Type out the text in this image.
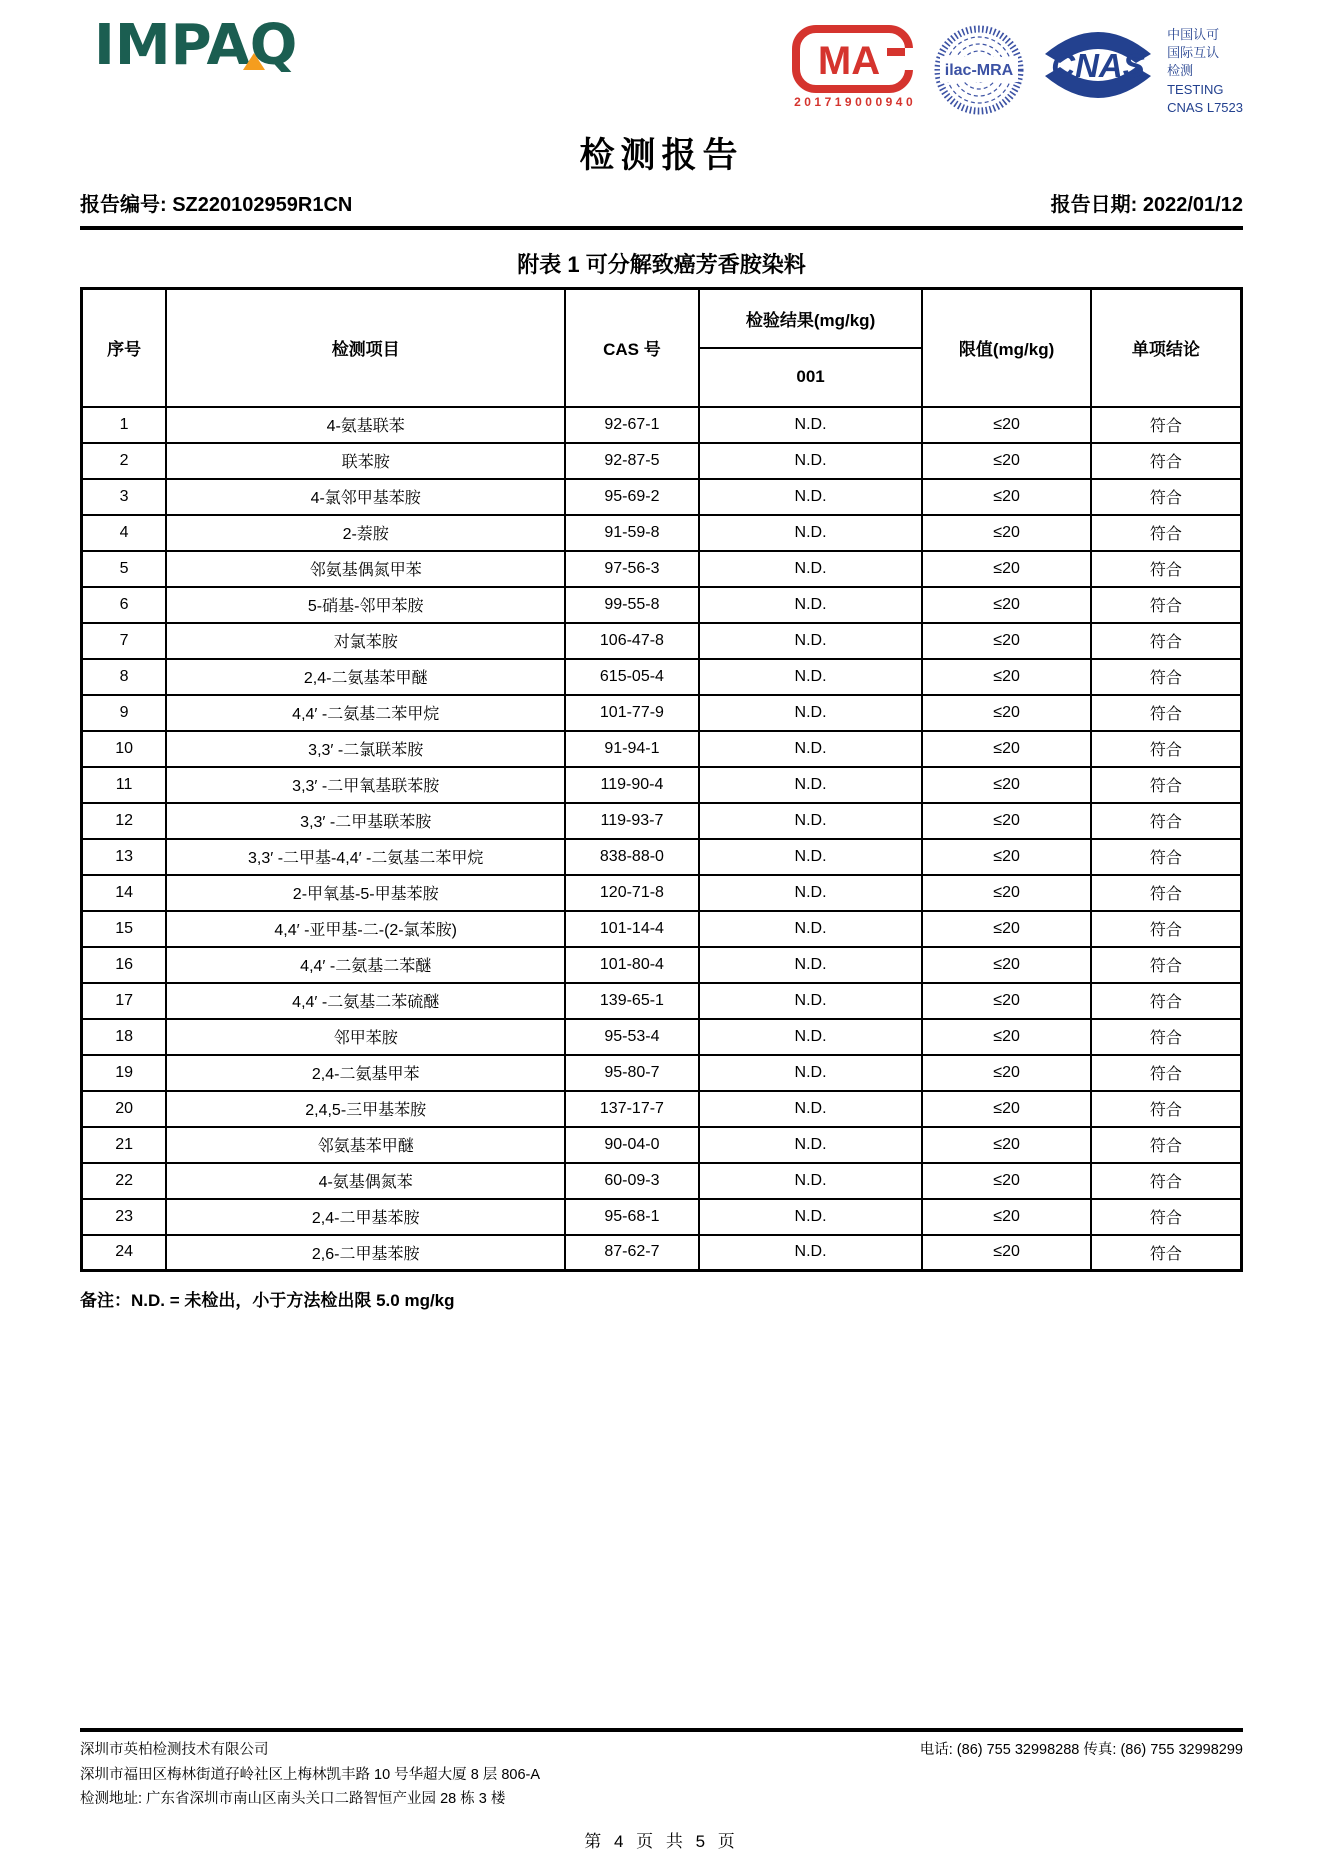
IMPAQ	MA
201719000940
ilac-MRA CNAS
中国认可
国际互认
检测
TESTING
CNAS L7523
检测报告
报告编号: SZ220102959R1CN	报告日期: 2022/01/12
附表 1 可分解致癌芳香胺染料
序号	检测项目	CAS 号	检验结果(mg/kg)	限值(mg/kg)	单项结论
			001		
1	4-氨基联苯	92-67-1	N.D.	≤20	符合
2	联苯胺	92-87-5	N.D.	≤20	符合
3	4-氯邻甲基苯胺	95-69-2	N.D.	≤20	符合
4	2-萘胺	91-59-8	N.D.	≤20	符合
5	邻氨基偶氮甲苯	97-56-3	N.D.	≤20	符合
6	5-硝基-邻甲苯胺	99-55-8	N.D.	≤20	符合
7	对氯苯胺	106-47-8	N.D.	≤20	符合
8	2,4-二氨基苯甲醚	615-05-4	N.D.	≤20	符合
9	4,4′ -二氨基二苯甲烷	101-77-9	N.D.	≤20	符合
10	3,3′ -二氯联苯胺	91-94-1	N.D.	≤20	符合
11	3,3′ -二甲氧基联苯胺	119-90-4	N.D.	≤20	符合
12	3,3′ -二甲基联苯胺	119-93-7	N.D.	≤20	符合
13	3,3′ -二甲基-4,4′ -二氨基二苯甲烷	838-88-0	N.D.	≤20	符合
14	2-甲氧基-5-甲基苯胺	120-71-8	N.D.	≤20	符合
15	4,4′ -亚甲基-二-(2-氯苯胺)	101-14-4	N.D.	≤20	符合
16	4,4′ -二氨基二苯醚	101-80-4	N.D.	≤20	符合
17	4,4′ -二氨基二苯硫醚	139-65-1	N.D.	≤20	符合
18	邻甲苯胺	95-53-4	N.D.	≤20	符合
19	2,4-二氨基甲苯	95-80-7	N.D.	≤20	符合
20	2,4,5-三甲基苯胺	137-17-7	N.D.	≤20	符合
21	邻氨基苯甲醚	90-04-0	N.D.	≤20	符合
22	4-氨基偶氮苯	60-09-3	N.D.	≤20	符合
23	2,4-二甲基苯胺	95-68-1	N.D.	≤20	符合
24	2,6-二甲基苯胺	87-62-7	N.D.	≤20	符合
备注：N.D. = 未检出，小于方法检出限 5.0 mg/kg
深圳市英柏检测技术有限公司	电话: (86) 755 32998288 传真: (86) 755 32998299
深圳市福田区梅林街道孖岭社区上梅林凯丰路 10 号华超大厦 8 层 806-A
检测地址: 广东省深圳市南山区南头关口二路智恒产业园 28 栋 3 楼
第 4 页 共 5 页
